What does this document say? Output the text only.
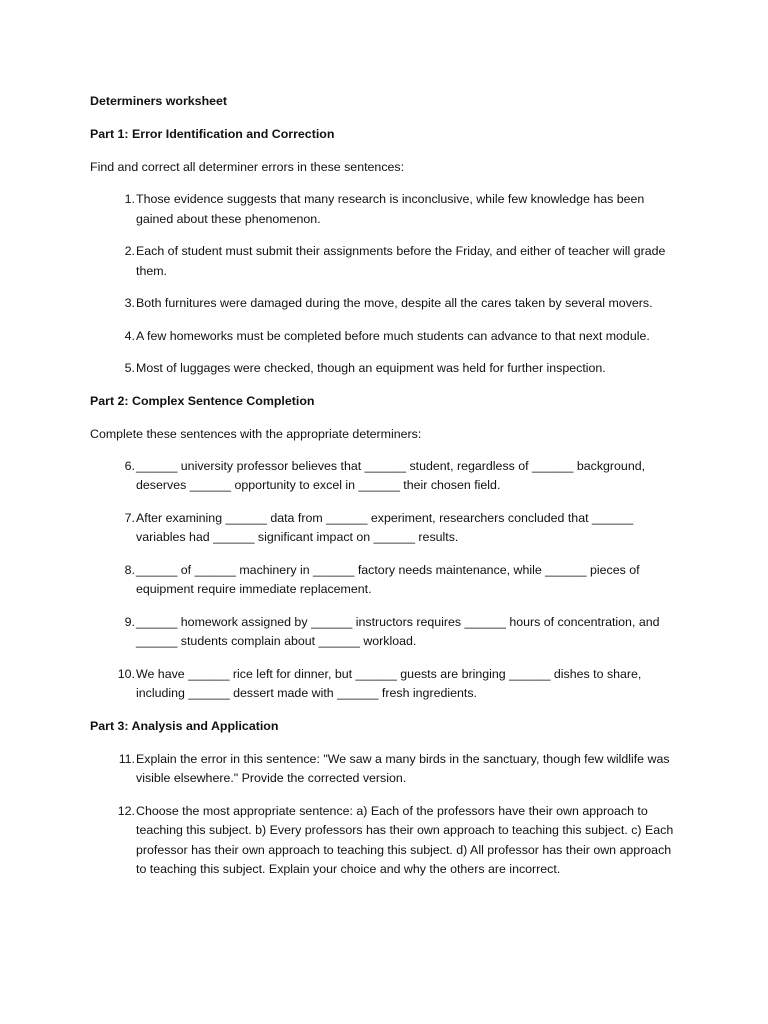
Determiners worksheet
Part 1: Error Identification and Correction
Find and correct all determiner errors in these sentences:
1. Those evidence suggests that many research is inconclusive, while few knowledge has been gained about these phenomenon.
2. Each of student must submit their assignments before the Friday, and either of teacher will grade them.
3. Both furnitures were damaged during the move, despite all the cares taken by several movers.
4. A few homeworks must be completed before much students can advance to that next module.
5. Most of luggages were checked, though an equipment was held for further inspection.
Part 2: Complex Sentence Completion
Complete these sentences with the appropriate determiners:
6. ______ university professor believes that ______ student, regardless of ______ background, deserves ______ opportunity to excel in ______ their chosen field.
7. After examining ______ data from ______ experiment, researchers concluded that ______ variables had ______ significant impact on ______ results.
8. ______ of ______ machinery in ______ factory needs maintenance, while ______ pieces of equipment require immediate replacement.
9. ______ homework assigned by ______ instructors requires ______ hours of concentration, and ______ students complain about ______ workload.
10. We have ______ rice left for dinner, but ______ guests are bringing ______ dishes to share, including ______ dessert made with ______ fresh ingredients.
Part 3: Analysis and Application
11. Explain the error in this sentence: "We saw a many birds in the sanctuary, though few wildlife was visible elsewhere." Provide the corrected version.
12. Choose the most appropriate sentence: a) Each of the professors have their own approach to teaching this subject. b) Every professors has their own approach to teaching this subject. c) Each professor has their own approach to teaching this subject. d) All professor has their own approach to teaching this subject. Explain your choice and why the others are incorrect.
